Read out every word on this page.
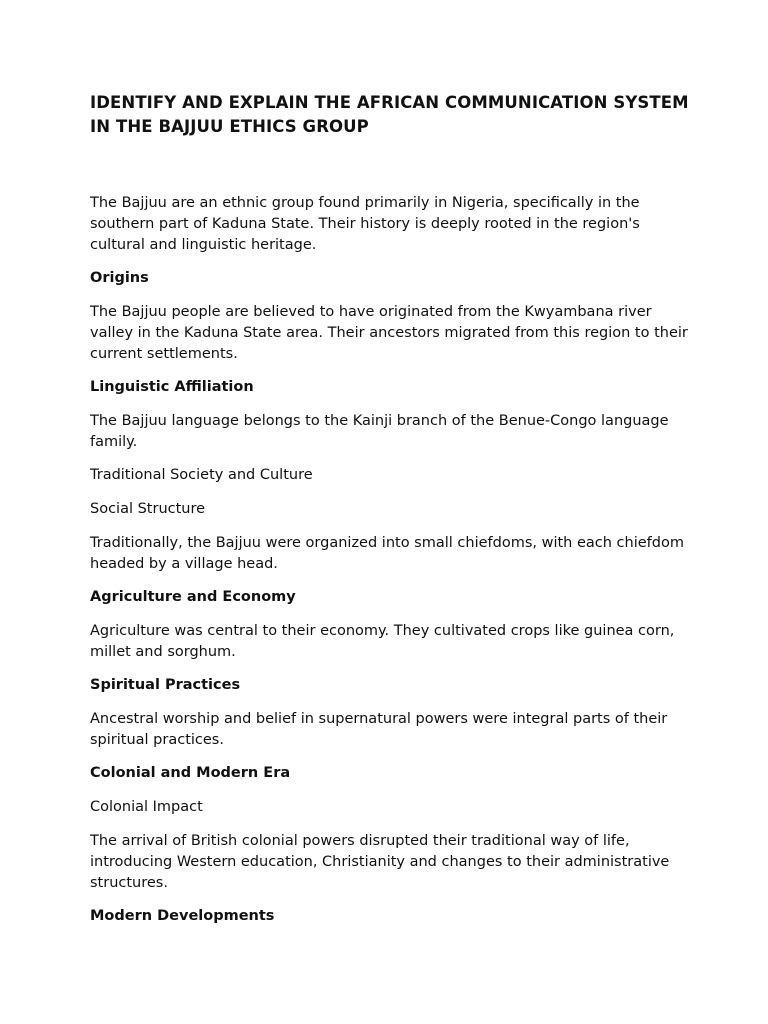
IDENTIFY AND EXPLAIN THE AFRICAN COMMUNICATION SYSTEM IN THE BAJJUU ETHICS GROUP

The Bajjuu are an ethnic group found primarily in Nigeria, specifically in the southern part of Kaduna State. Their history is deeply rooted in the region's cultural and linguistic heritage.

Origins

The Bajjuu people are believed to have originated from the Kwyambana river valley in the Kaduna State area. Their ancestors migrated from this region to their current settlements.

Linguistic Affiliation

The Bajjuu language belongs to the Kainji branch of the Benue-Congo language family.

Traditional Society and Culture
Social Structure

Traditionally, the Bajjuu were organized into small chiefdoms, with each chiefdom headed by a village head.

Agriculture and Economy

Agriculture was central to their economy. They cultivated crops like guinea corn, millet and sorghum.

Spiritual Practices

Ancestral worship and belief in supernatural powers were integral parts of their spiritual practices.

Colonial and Modern Era
Colonial Impact

The arrival of British colonial powers disrupted their traditional way of life, introducing Western education, Christianity and changes to their administrative structures.

Modern Developments
